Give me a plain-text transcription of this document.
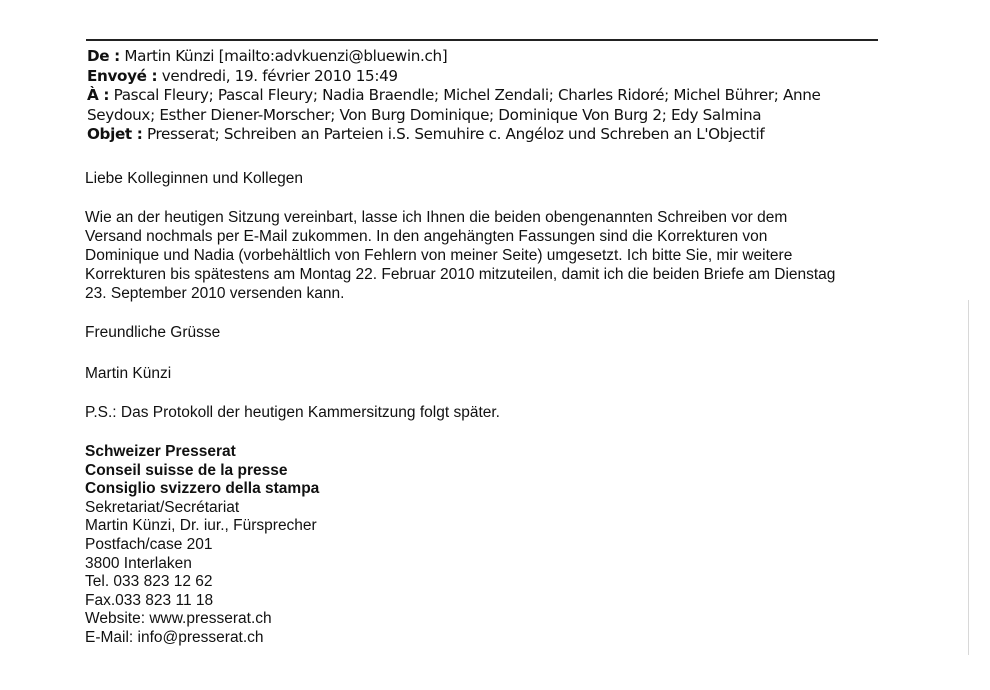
De : Martin Künzi [mailto:advkuenzi@bluewin.ch]
Envoyé : vendredi, 19. février 2010 15:49
À : Pascal Fleury; Pascal Fleury; Nadia Braendle; Michel Zendali; Charles Ridoré; Michel Bührer; Anne Seydoux; Esther Diener-Morscher; Von Burg Dominique; Dominique Von Burg 2; Edy Salmina
Objet : Presserat; Schreiben an Parteien i.S. Semuhire c. Angéloz und Schreben an L'Objectif
Liebe Kolleginnen und Kollegen
Wie an der heutigen Sitzung vereinbart, lasse ich Ihnen die beiden obengenannten Schreiben vor dem
Versand nochmals per E-Mail zukommen. In den angehängten Fassungen sind die Korrekturen von
Dominique und Nadia (vorbehältlich von Fehlern von meiner Seite) umgesetzt. Ich bitte Sie, mir weitere
Korrekturen bis spätestens am Montag 22. Februar 2010 mitzuteilen, damit ich die beiden Briefe am Dienstag
23. September 2010 versenden kann.
Freundliche Grüsse
Martin Künzi
P.S.: Das Protokoll der heutigen Kammersitzung folgt später.
Schweizer Presserat
Conseil suisse de la presse
Consiglio svizzero della stampa
Sekretariat/Secrétariat
Martin Künzi, Dr. iur., Fürsprecher
Postfach/case 201
3800 Interlaken
Tel. 033 823 12 62
Fax.033 823 11 18
Website: www.presserat.ch
E-Mail: info@presserat.ch
